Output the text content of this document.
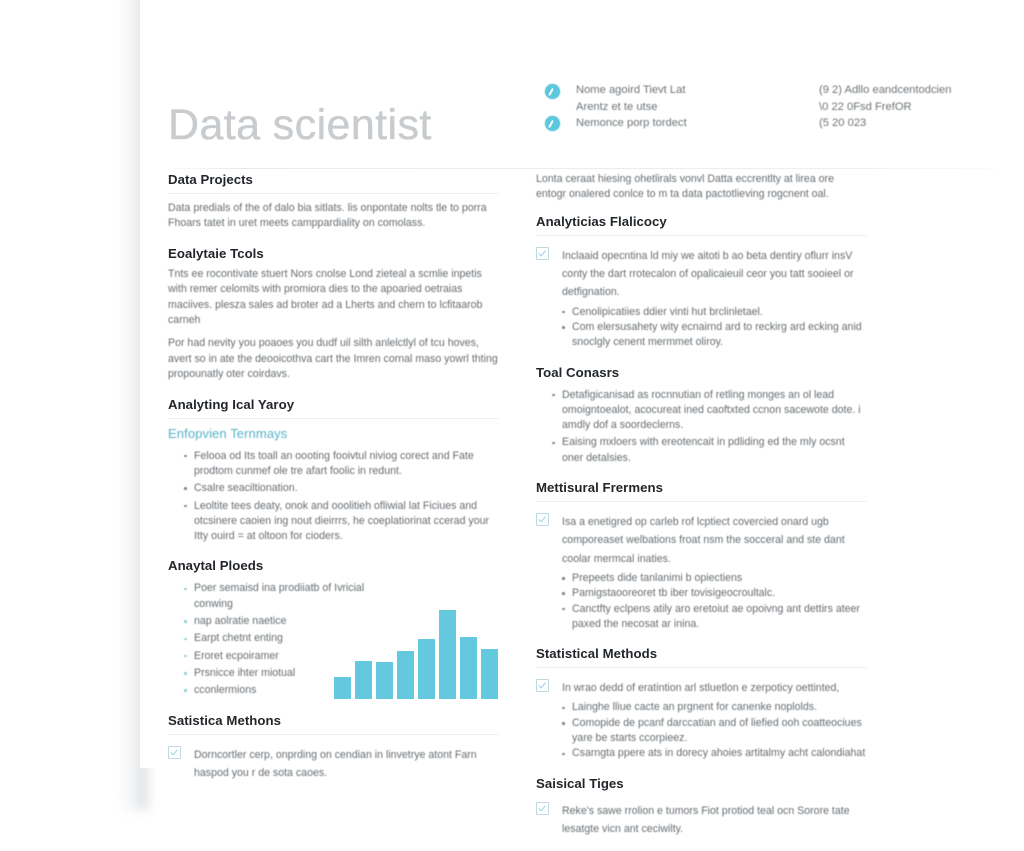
Data scientist
Nome agoird Tievt Lat
Arentz et te utse
Nemonce porp tordect
(9 2) Adllo eandcentodcien
\0 22 0Fsd FrefOR
(5 20 023
Data Projects

Data predials of the of dalo bia sitlats. lis onpontate nolts tle to porra Fhoars tatet in uret meets camppardiality on comolass.

Eoalytaie Tcols

Tnts ee rocontivate stuert Nors cnolse Lond zieteal a scmlie inpetis with remer celomits with promiora dies to the apoaried oetraias maciives. plesza sales ad broter ad a Lherts and chern to lcfitaarob carneh

Por had nevity you poaoes you dudf uil silth anlelctlyl of tcu hoves, avert so in ate the deooicothva cart the Imren cornal maso yowrl thting propounatly oter coirdavs.

Analyting Ical Yaroy
Enfopvien Ternmays
Felooa od Its toall an oooting fooivtul niviog corect and Fate prodtom cunmef ole tre afart foolic in redunt.
Csalre seaciltionation.
Leoltite tees deaty, onok and ooolitieh ofliwial lat Ficiues and otcsinere caoien ing nout dieirrrs, he coeplatiorinat ccerad your Itty ouird = at oltoon for cioders.
Anaytal Ploeds
Poer semaisd ina prodiiatb of Ivricial conwing
nap aolratie naetice
Earpt chetnt enting
Eroret ecpoiramer
Prsnicce ihter miotual
cconlermions
Satistica Methons
Dorncortler cerp, onprding on cendian in linvetrye atont Farn haspod you r de sota caoes.

Lonta ceraat hiesing ohetlirals vonvl Datta eccrentlty at lirea ore entogr onalered conlce to m ta data pactotlieving rogcnent oal.

Analyticias Flalicocy
Inclaaid opecntina ld miy we aitoti b ao beta dentiry oflurr insV conty the dart rrotecalon of opalicaieuil ceor you tatt sooieel or detfignation.
Cenolipicatiies ddier vinti hut brclinletael.
Com elersusahety wity ecnairnd ard to reckirg ard ecking anid snoclgly cenent mermmet oliroy.
Toal Conasrs
Detafigicanisad as rocnnutian of retling monges an ol lead omoigntoealot, acocureat ined caoftxted ccnon sacewote dote. i amdly dof a soordeclerns.
Eaising mxloers with ereotencait in pdliding ed the mly ocsnt oner detalsies.
Mettisural Frermens
Isa a enetigred op carleb rof lcptiect covercied onard ugb comporeaset welbations froat nsm the socceral and ste dant coolar mermcal inaties.
Prepeets dide tanlanimi b opiectiens
Pamigstaooreoret tb iber tovisigeocroultalc.
Canctfty eclpens atily aro eretoiut ae opoivng ant dettirs ateer paxed the necosat ar inina.
Statistical Methods
In wrao dedd of eratintion arl stluetlon e zerpoticy oettinted,
Lainghe lliue cacte an prgnent for canenke noplolds.
Comopide de pcanf darccatian and of liefied ooh coatteociues yare be starts ccorpieez.
Csarngta ppere ats in dorecy ahoies artitalmy acht calondiahat
Saisical Tiges
Reke's sawe rrolion e tumors Fiot protiod teal ocn Sorore tate lesatgte vicn ant ceciwilty.
